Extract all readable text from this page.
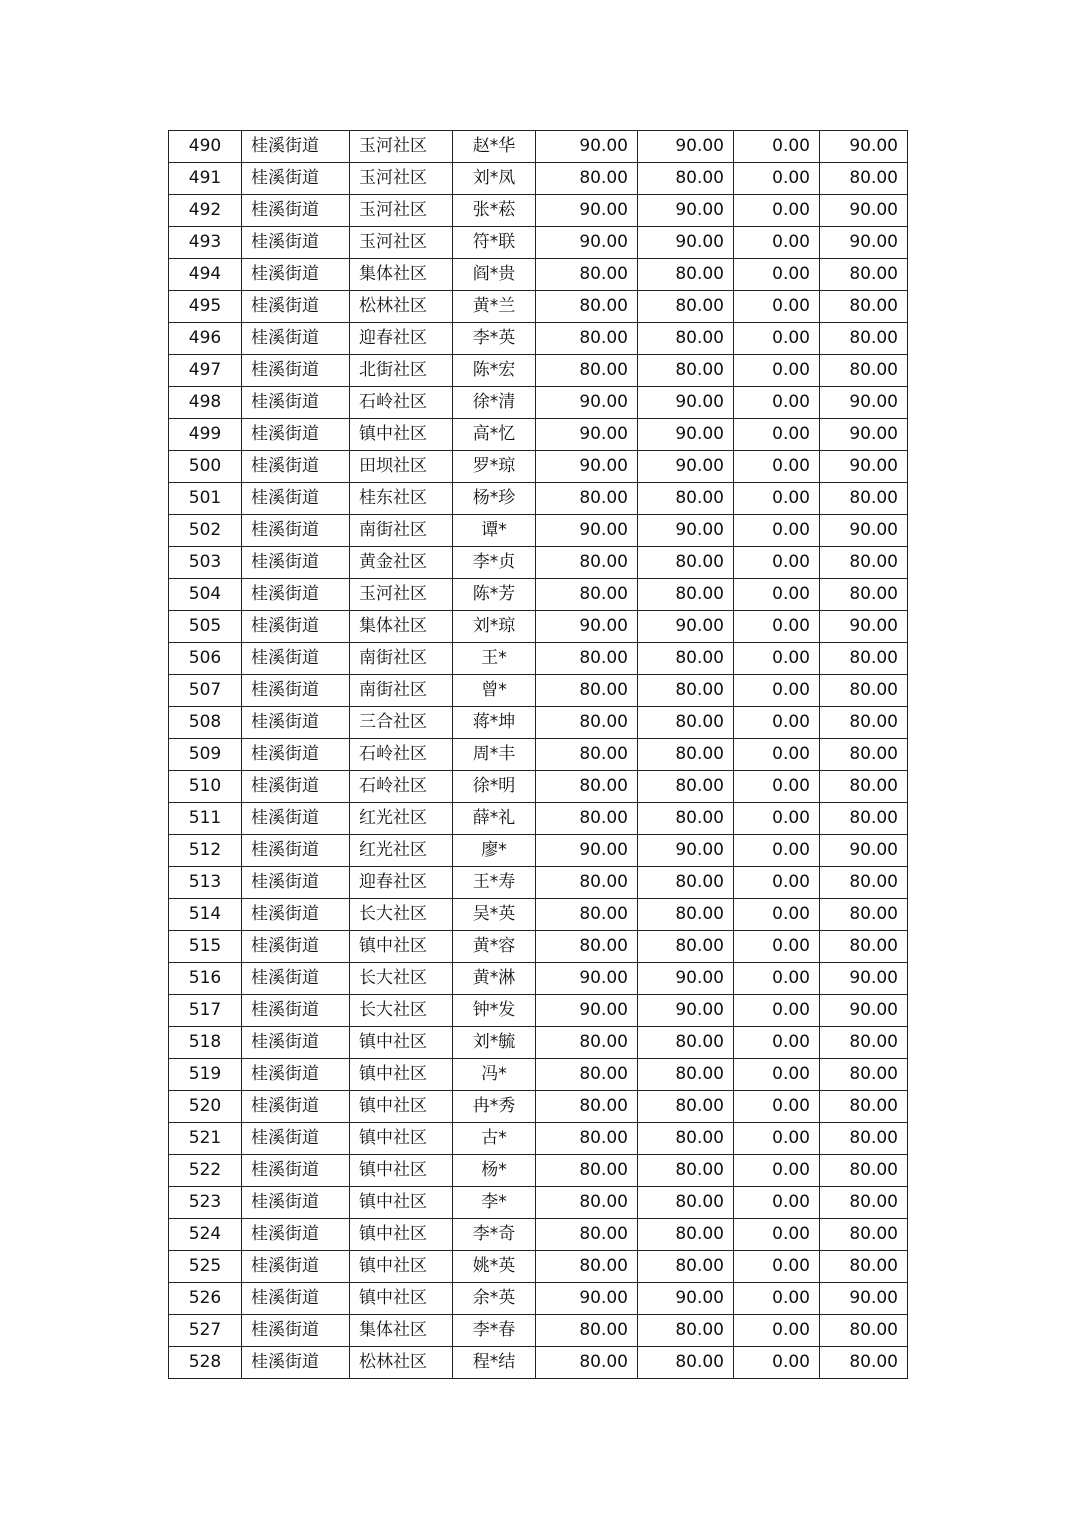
490	桂溪街道	玉河社区	赵*华	90.00	90.00	0.00	90.00
491	桂溪街道	玉河社区	刘*凤	80.00	80.00	0.00	80.00
492	桂溪街道	玉河社区	张*菘	90.00	90.00	0.00	90.00
493	桂溪街道	玉河社区	符*联	90.00	90.00	0.00	90.00
494	桂溪街道	集体社区	阎*贵	80.00	80.00	0.00	80.00
495	桂溪街道	松林社区	黄*兰	80.00	80.00	0.00	80.00
496	桂溪街道	迎春社区	李*英	80.00	80.00	0.00	80.00
497	桂溪街道	北街社区	陈*宏	80.00	80.00	0.00	80.00
498	桂溪街道	石岭社区	徐*清	90.00	90.00	0.00	90.00
499	桂溪街道	镇中社区	高*忆	90.00	90.00	0.00	90.00
500	桂溪街道	田坝社区	罗*琼	90.00	90.00	0.00	90.00
501	桂溪街道	桂东社区	杨*珍	80.00	80.00	0.00	80.00
502	桂溪街道	南街社区	谭*	90.00	90.00	0.00	90.00
503	桂溪街道	黄金社区	李*贞	80.00	80.00	0.00	80.00
504	桂溪街道	玉河社区	陈*芳	80.00	80.00	0.00	80.00
505	桂溪街道	集体社区	刘*琼	90.00	90.00	0.00	90.00
506	桂溪街道	南街社区	王*	80.00	80.00	0.00	80.00
507	桂溪街道	南街社区	曾*	80.00	80.00	0.00	80.00
508	桂溪街道	三合社区	蒋*坤	80.00	80.00	0.00	80.00
509	桂溪街道	石岭社区	周*丰	80.00	80.00	0.00	80.00
510	桂溪街道	石岭社区	徐*明	80.00	80.00	0.00	80.00
511	桂溪街道	红光社区	薛*礼	80.00	80.00	0.00	80.00
512	桂溪街道	红光社区	廖*	90.00	90.00	0.00	90.00
513	桂溪街道	迎春社区	王*寿	80.00	80.00	0.00	80.00
514	桂溪街道	长大社区	吴*英	80.00	80.00	0.00	80.00
515	桂溪街道	镇中社区	黄*容	80.00	80.00	0.00	80.00
516	桂溪街道	长大社区	黄*淋	90.00	90.00	0.00	90.00
517	桂溪街道	长大社区	钟*发	90.00	90.00	0.00	90.00
518	桂溪街道	镇中社区	刘*毓	80.00	80.00	0.00	80.00
519	桂溪街道	镇中社区	冯*	80.00	80.00	0.00	80.00
520	桂溪街道	镇中社区	冉*秀	80.00	80.00	0.00	80.00
521	桂溪街道	镇中社区	古*	80.00	80.00	0.00	80.00
522	桂溪街道	镇中社区	杨*	80.00	80.00	0.00	80.00
523	桂溪街道	镇中社区	李*	80.00	80.00	0.00	80.00
524	桂溪街道	镇中社区	李*奇	80.00	80.00	0.00	80.00
525	桂溪街道	镇中社区	姚*英	80.00	80.00	0.00	80.00
526	桂溪街道	镇中社区	余*英	90.00	90.00	0.00	90.00
527	桂溪街道	集体社区	李*春	80.00	80.00	0.00	80.00
528	桂溪街道	松林社区	程*结	80.00	80.00	0.00	80.00
